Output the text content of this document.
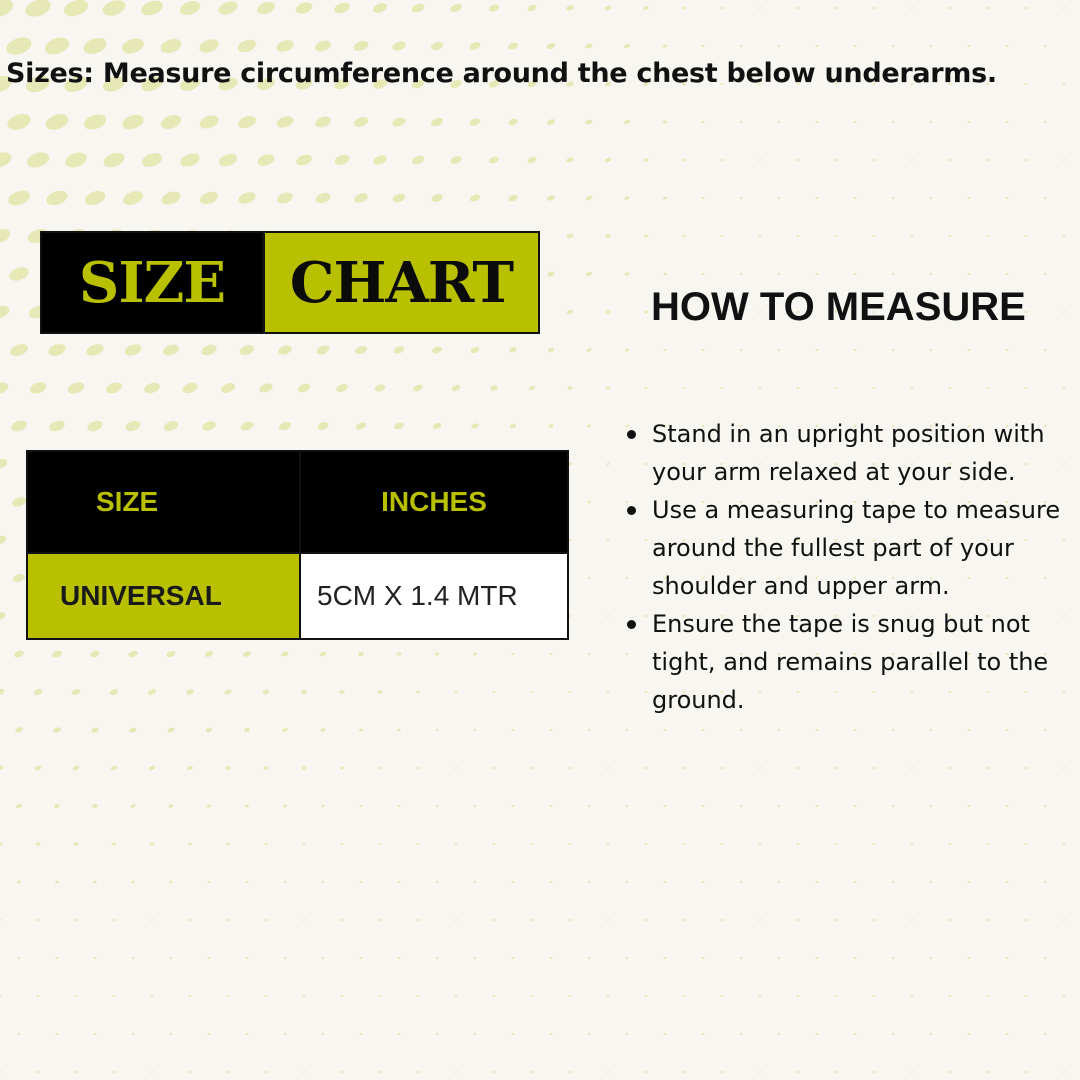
Sizes: Measure circumference around the chest below underarms.
SIZE	CHART
SIZE	INCHES
UNIVERSAL	5CM X 1.4 MTR
HOW TO MEASURE
Stand in an upright position with your arm relaxed at your side.
Use a measuring tape to measure around the fullest part of your shoulder and upper arm.
Ensure the tape is snug but not tight, and remains parallel to the ground.
